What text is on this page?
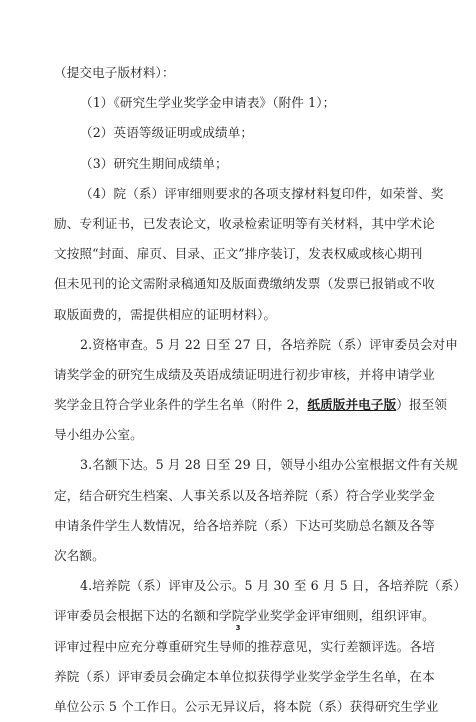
（提交电子版材料）：
（1）《研究生学业奖学金申请表》（附件 1）；
（2）英语等级证明或成绩单；
（3）研究生期间成绩单；
（4）院（系）评审细则要求的各项支撑材料复印件，如荣誉、奖
励、专利证书，已发表论文，收录检索证明等有关材料，其中学术论
文按照“封面、扉页、目录、正文”排序装订，发表权威或核心期刊
但未见刊的论文需附录稿通知及版面费缴纳发票（发票已报销或不收
取版面费的，需提供相应的证明材料）。
2.资格审查。5 月 22 日至 27 日，各培养院（系）评审委员会对申
请奖学金的研究生成绩及英语成绩证明进行初步审核，并将申请学业
奖学金且符合学业条件的学生名单（附件 2，纸质版并电子版）报至领
导小组办公室。
3.名额下达。5 月 28 日至 29 日，领导小组办公室根据文件有关规
定，结合研究生档案、人事关系以及各培养院（系）符合学业奖学金
申请条件学生人数情况，给各培养院（系）下达可奖励总名额及各等
次名额。
4.培养院（系）评审及公示。5 月 30 至 6 月 5 日，各培养院（系）
评审委员会根据下达的名额和学院学业奖学金评审细则，组织评审。
评审过程中应充分尊重研究生导师的推荐意见，实行差额评选。各培
养院（系）评审委员会确定本单位拟获得学业奖学金学生名单，在本
单位公示 5 个工作日。公示无异议后，将本院（系）获得研究生学业
3
